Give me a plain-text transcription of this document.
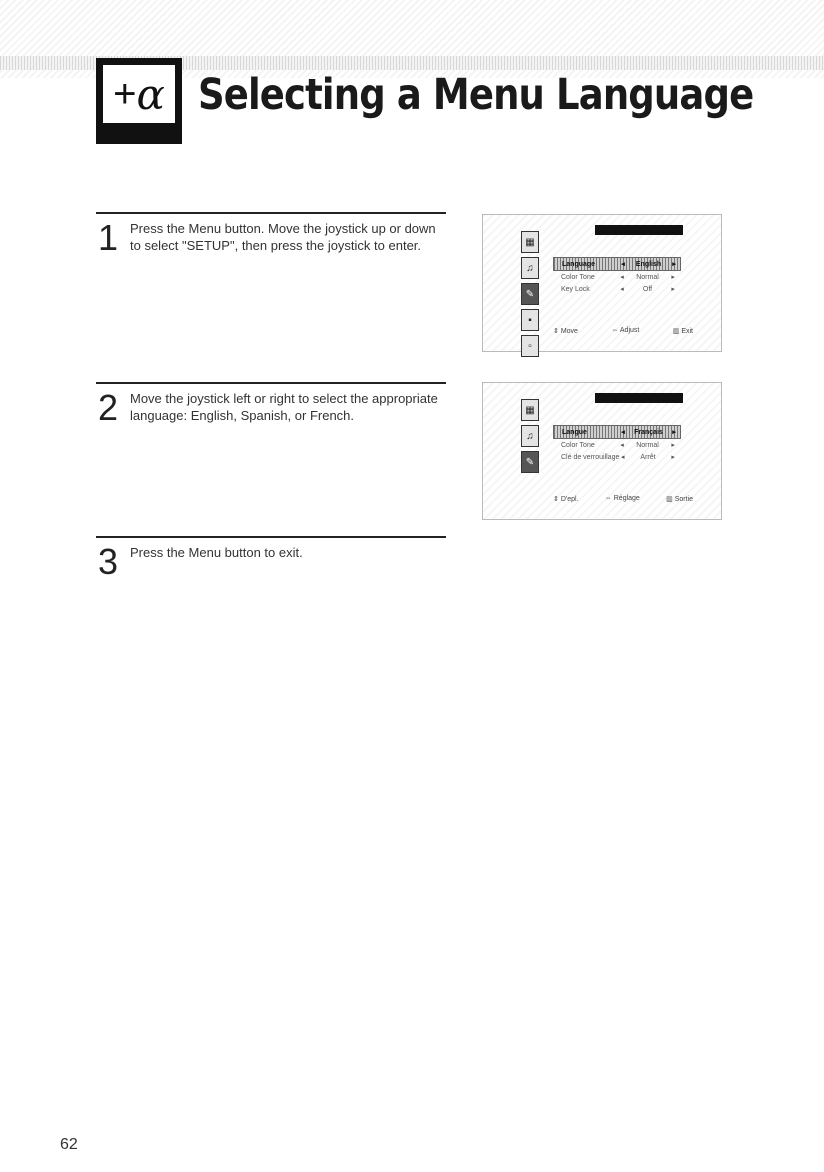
+ α Selecting a Menu Language
1 Press the Menu button. Move the joystick up or down to select "SETUP", then press the joystick to enter.
2 Move the joystick left or right to select the appropriate language: English, Spanish, or French.
3 Press the Menu button to exit.
▦
♫
✎
▪
▫
Language	◂	English	▸
Color Tone	◂	Normal	▸
Key Lock	◂	Off	▸
⇕ Move	⇔ Adjust	▥ Exit
▦
♫
✎
Langue	◂	Français	▸
Color Tone	◂	Normal	▸
Clé de verrouillage ◂	Arrêt	▸
⇕ D'epl.	⇔ Réglage	▥ Sortie
62
